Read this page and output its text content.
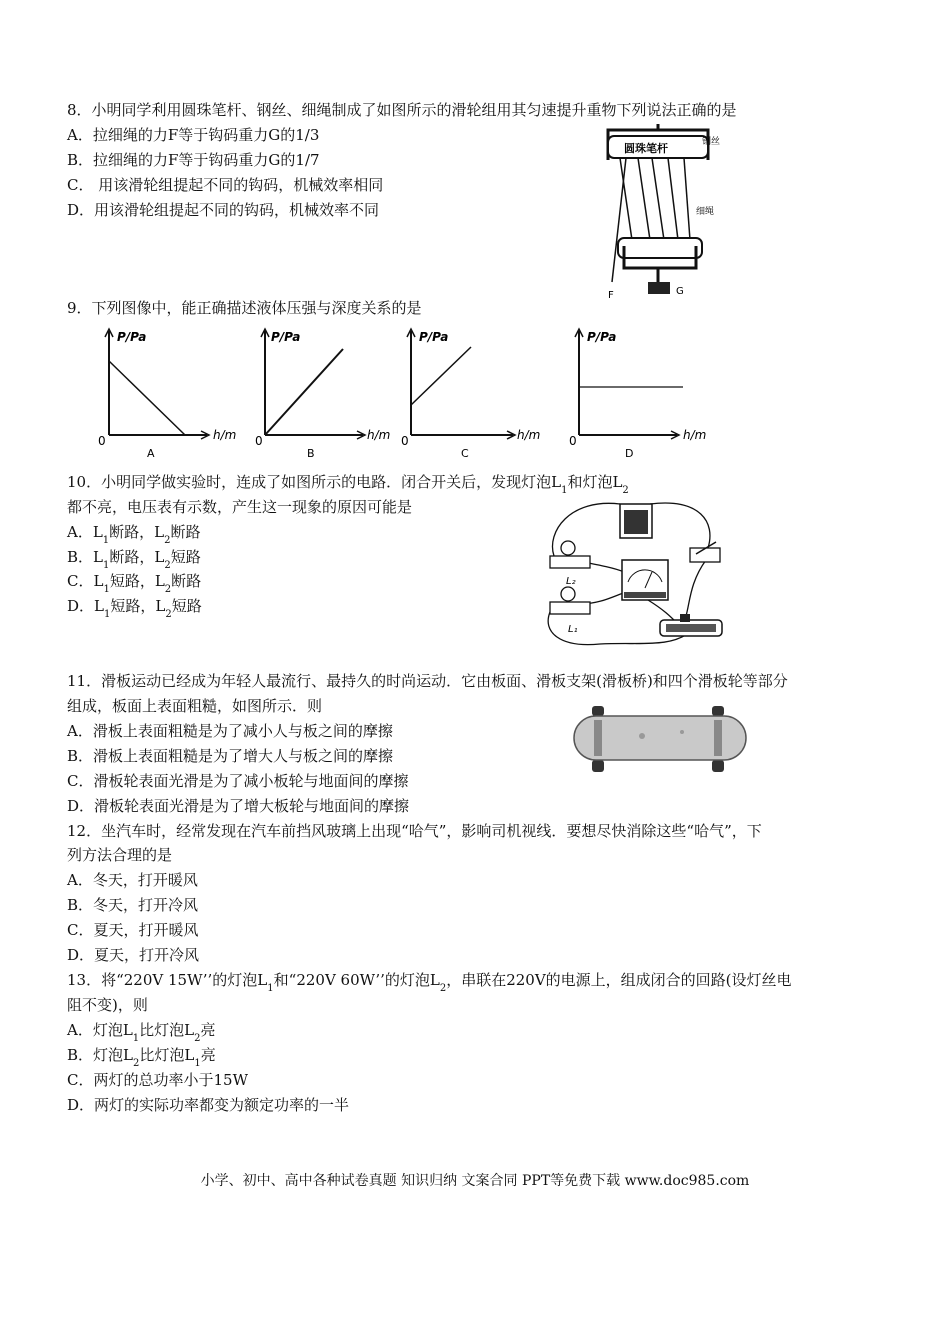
8．小明同学利用圆珠笔杆、钢丝、细绳制成了如图所示的滑轮组用其匀速提升重物下列说法正确的是
A．拉细绳的力F等于钩码重力G的1/3
B．拉细绳的力F等于钩码重力G的1/7
C． 用该滑轮组提起不同的钩码，机械效率相同
D．用该滑轮组提起不同的钩码，机械效率不同
圆珠笔杆	钢丝
细绳
F	G
9．下列图像中，能正确描述液体压强与深度关系的是
P/Pa
h/m
0
A
P/Pa
h/m
0
B
P/Pa
h/m
0
C
P/Pa
h/m
0
D
10．小明同学做实验时，连成了如图所示的电路．闭合开关后，发现灯泡$L_1$和灯泡$L_2$
都不亮，电压表有示数，产生这一现象的原因可能是
A．$L_1$断路，$L_2$断路
B．$L_1$断路，$L_2$短路
C．$L_1$短路，$L_2$断路
D．$L_1$短路，$L_2$短路
L₂
L₁
11．滑板运动已经成为年轻人最流行、最持久的时尚运动．它由板面、滑板支架(滑板桥)和四个滑板轮等部分
组成，板面上表面粗糙，如图所示．则
A．滑板上表面粗糙是为了减小人与板之间的摩擦
B．滑板上表面粗糙是为了增大人与板之间的摩擦
C．滑板轮表面光滑是为了减小板轮与地面间的摩擦
D．滑板轮表面光滑是为了增大板轮与地面间的摩擦
12．坐汽车时，经常发现在汽车前挡风玻璃上出现“哈气”，影响司机视线．要想尽快消除这些“哈气”，下
列方法合理的是
A．冬天，打开暖风
B．冬天，打开冷风
C．夏天，打开暖风
D．夏天，打开冷风
13．将“220V 15W’’的灯泡$L_1$和“220V 60W’’的灯泡$L_2$，串联在220V的电源上，组成闭合的回路(设灯丝电
阻不变)，则
A．灯泡$L_1$比灯泡$L_2$亮
B．灯泡$L_2$比灯泡$L_1$亮
C．两灯的总功率小于15W
D．两灯的实际功率都变为额定功率的一半
小学、初中、高中各种试卷真题 知识归纳 文案合同 PPT等免费下载 www.doc985.com
